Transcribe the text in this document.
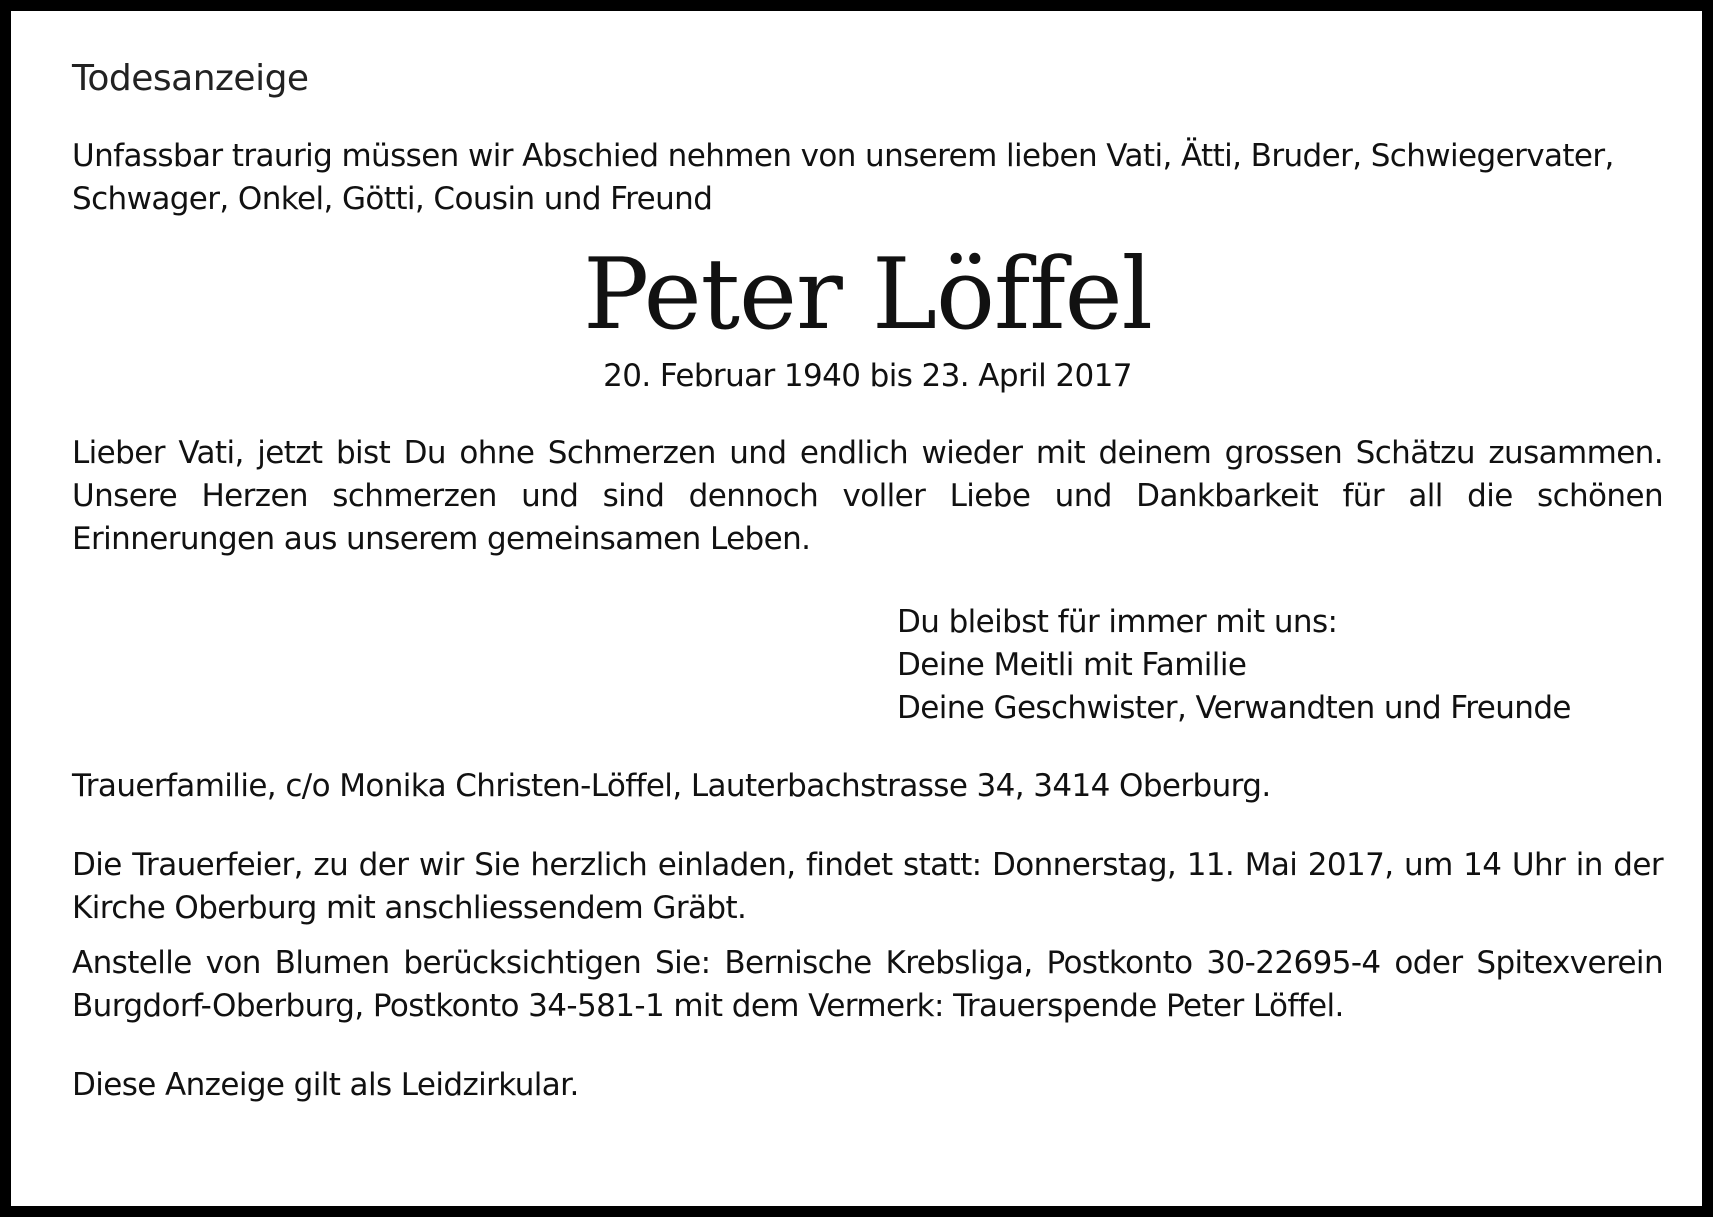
Todesanzeige
Unfassbar traurig müssen wir Abschied nehmen von unserem lieben Vati, Ätti, Bruder, Schwiegervater, Schwager, Onkel, Götti, Cousin und Freund
Peter Löffel
20. Februar 1940 bis 23. April 2017
Lieber Vati, jetzt bist Du ohne Schmerzen und endlich wieder mit deinem grossen Schätzu zusammen. Unsere Herzen schmerzen und sind dennoch voller Liebe und Dankbarkeit für all die schönen Erinnerungen aus unserem gemeinsamen Leben.
Du bleibst für immer mit uns:
Deine Meitli mit Familie
Deine Geschwister, Verwandten und Freunde
Trauerfamilie, c/o Monika Christen-Löffel, Lauterbachstrasse 34, 3414 Oberburg.
Die Trauerfeier, zu der wir Sie herzlich einladen, findet statt: Donnerstag, 11. Mai 2017, um 14 Uhr in der Kirche Oberburg mit anschliessendem Gräbt.
Anstelle von Blumen berücksichtigen Sie: Bernische Krebsliga, Postkonto 30-22695-4 oder Spitexverein Burgdorf-Oberburg, Postkonto 34-581-1 mit dem Vermerk: Trauerspende Peter Löffel.
Diese Anzeige gilt als Leidzirkular.
